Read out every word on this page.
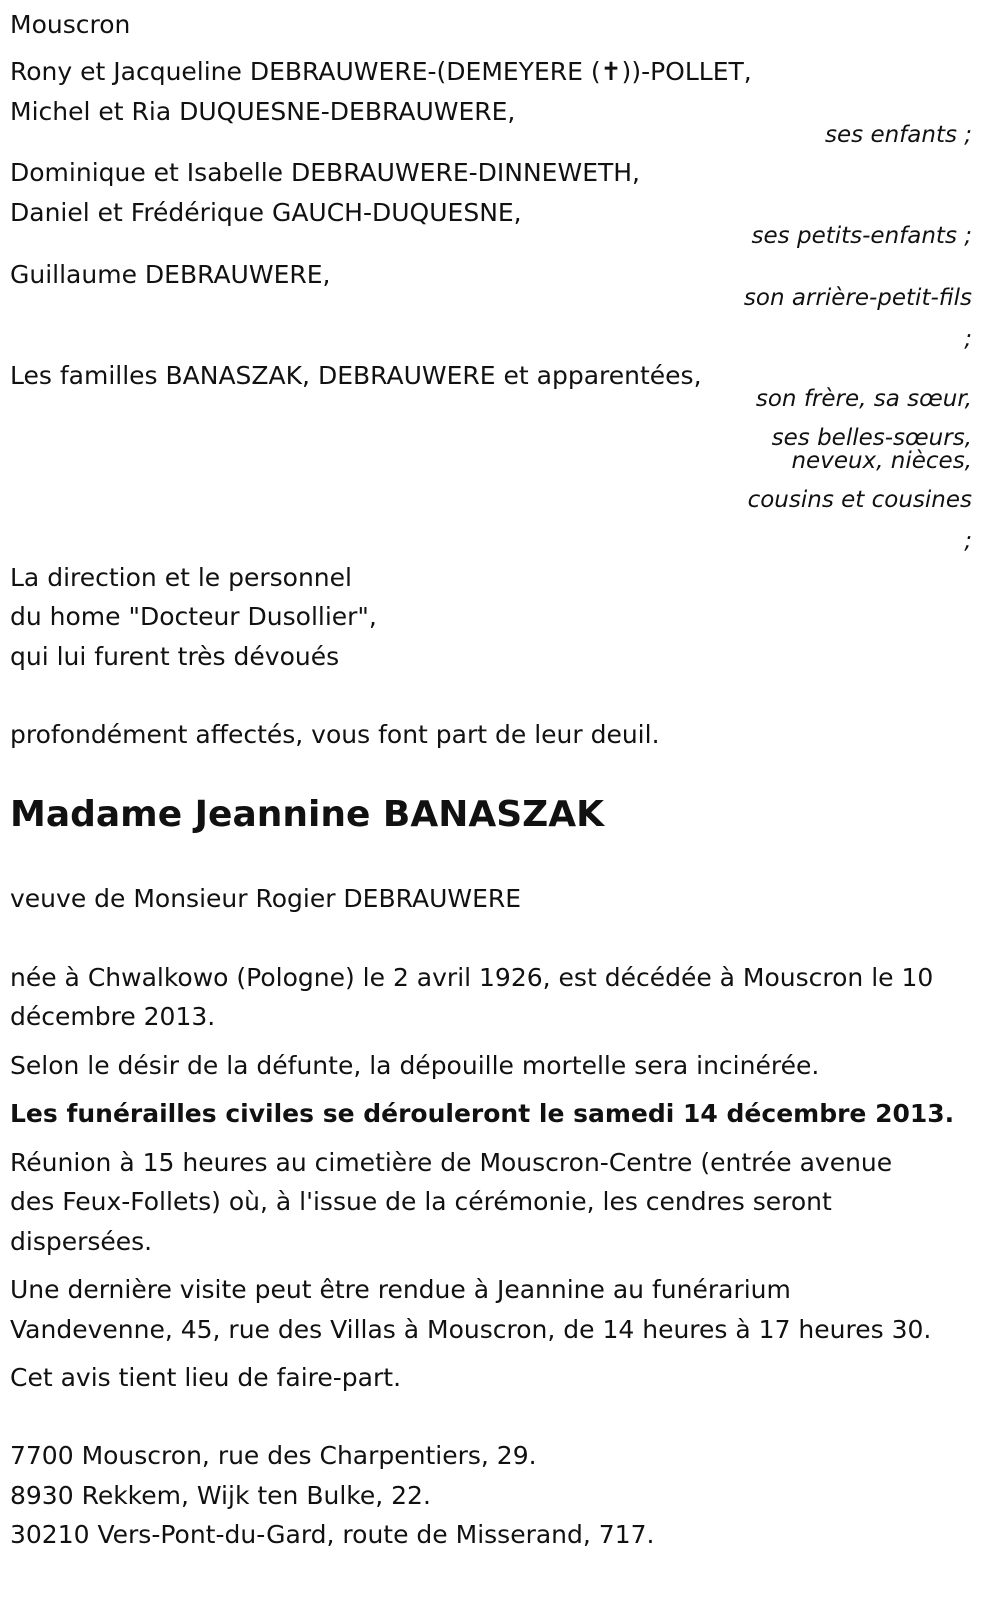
Mouscron
Rony et Jacqueline DEBRAUWERE-(DEMEYERE (✝))-POLLET,
Michel et Ria DUQUESNE-DEBRAUWERE,
ses enfants ;
Dominique et Isabelle DEBRAUWERE-DINNEWETH,
Daniel et Frédérique GAUCH-DUQUESNE,
ses petits-enfants ;
Guillaume DEBRAUWERE,
son arrière-petit-fils
;
Les familles BANASZAK, DEBRAUWERE et apparentées,
son frère, sa sœur,
ses belles-sœurs,
neveux, nièces,
cousins et cousines
;
La direction et le personnel
du home "Docteur Dusollier",
qui lui furent très dévoués
profondément affectés, vous font part de leur deuil.
Madame Jeannine BANASZAK
veuve de Monsieur Rogier DEBRAUWERE
née à Chwalkowo (Pologne) le 2 avril 1926, est décédée à Mouscron le 10
décembre 2013.
Selon le désir de la défunte, la dépouille mortelle sera incinérée.
Les funérailles civiles se dérouleront le samedi 14 décembre 2013.
Réunion à 15 heures au cimetière de Mouscron-Centre (entrée avenue
des Feux-Follets) où, à l'issue de la cérémonie, les cendres seront
dispersées.
Une dernière visite peut être rendue à Jeannine au funérarium
Vandevenne, 45, rue des Villas à Mouscron, de 14 heures à 17 heures 30.
Cet avis tient lieu de faire-part.
7700 Mouscron, rue des Charpentiers, 29.
8930 Rekkem, Wijk ten Bulke, 22.
30210 Vers-Pont-du-Gard, route de Misserand, 717.
